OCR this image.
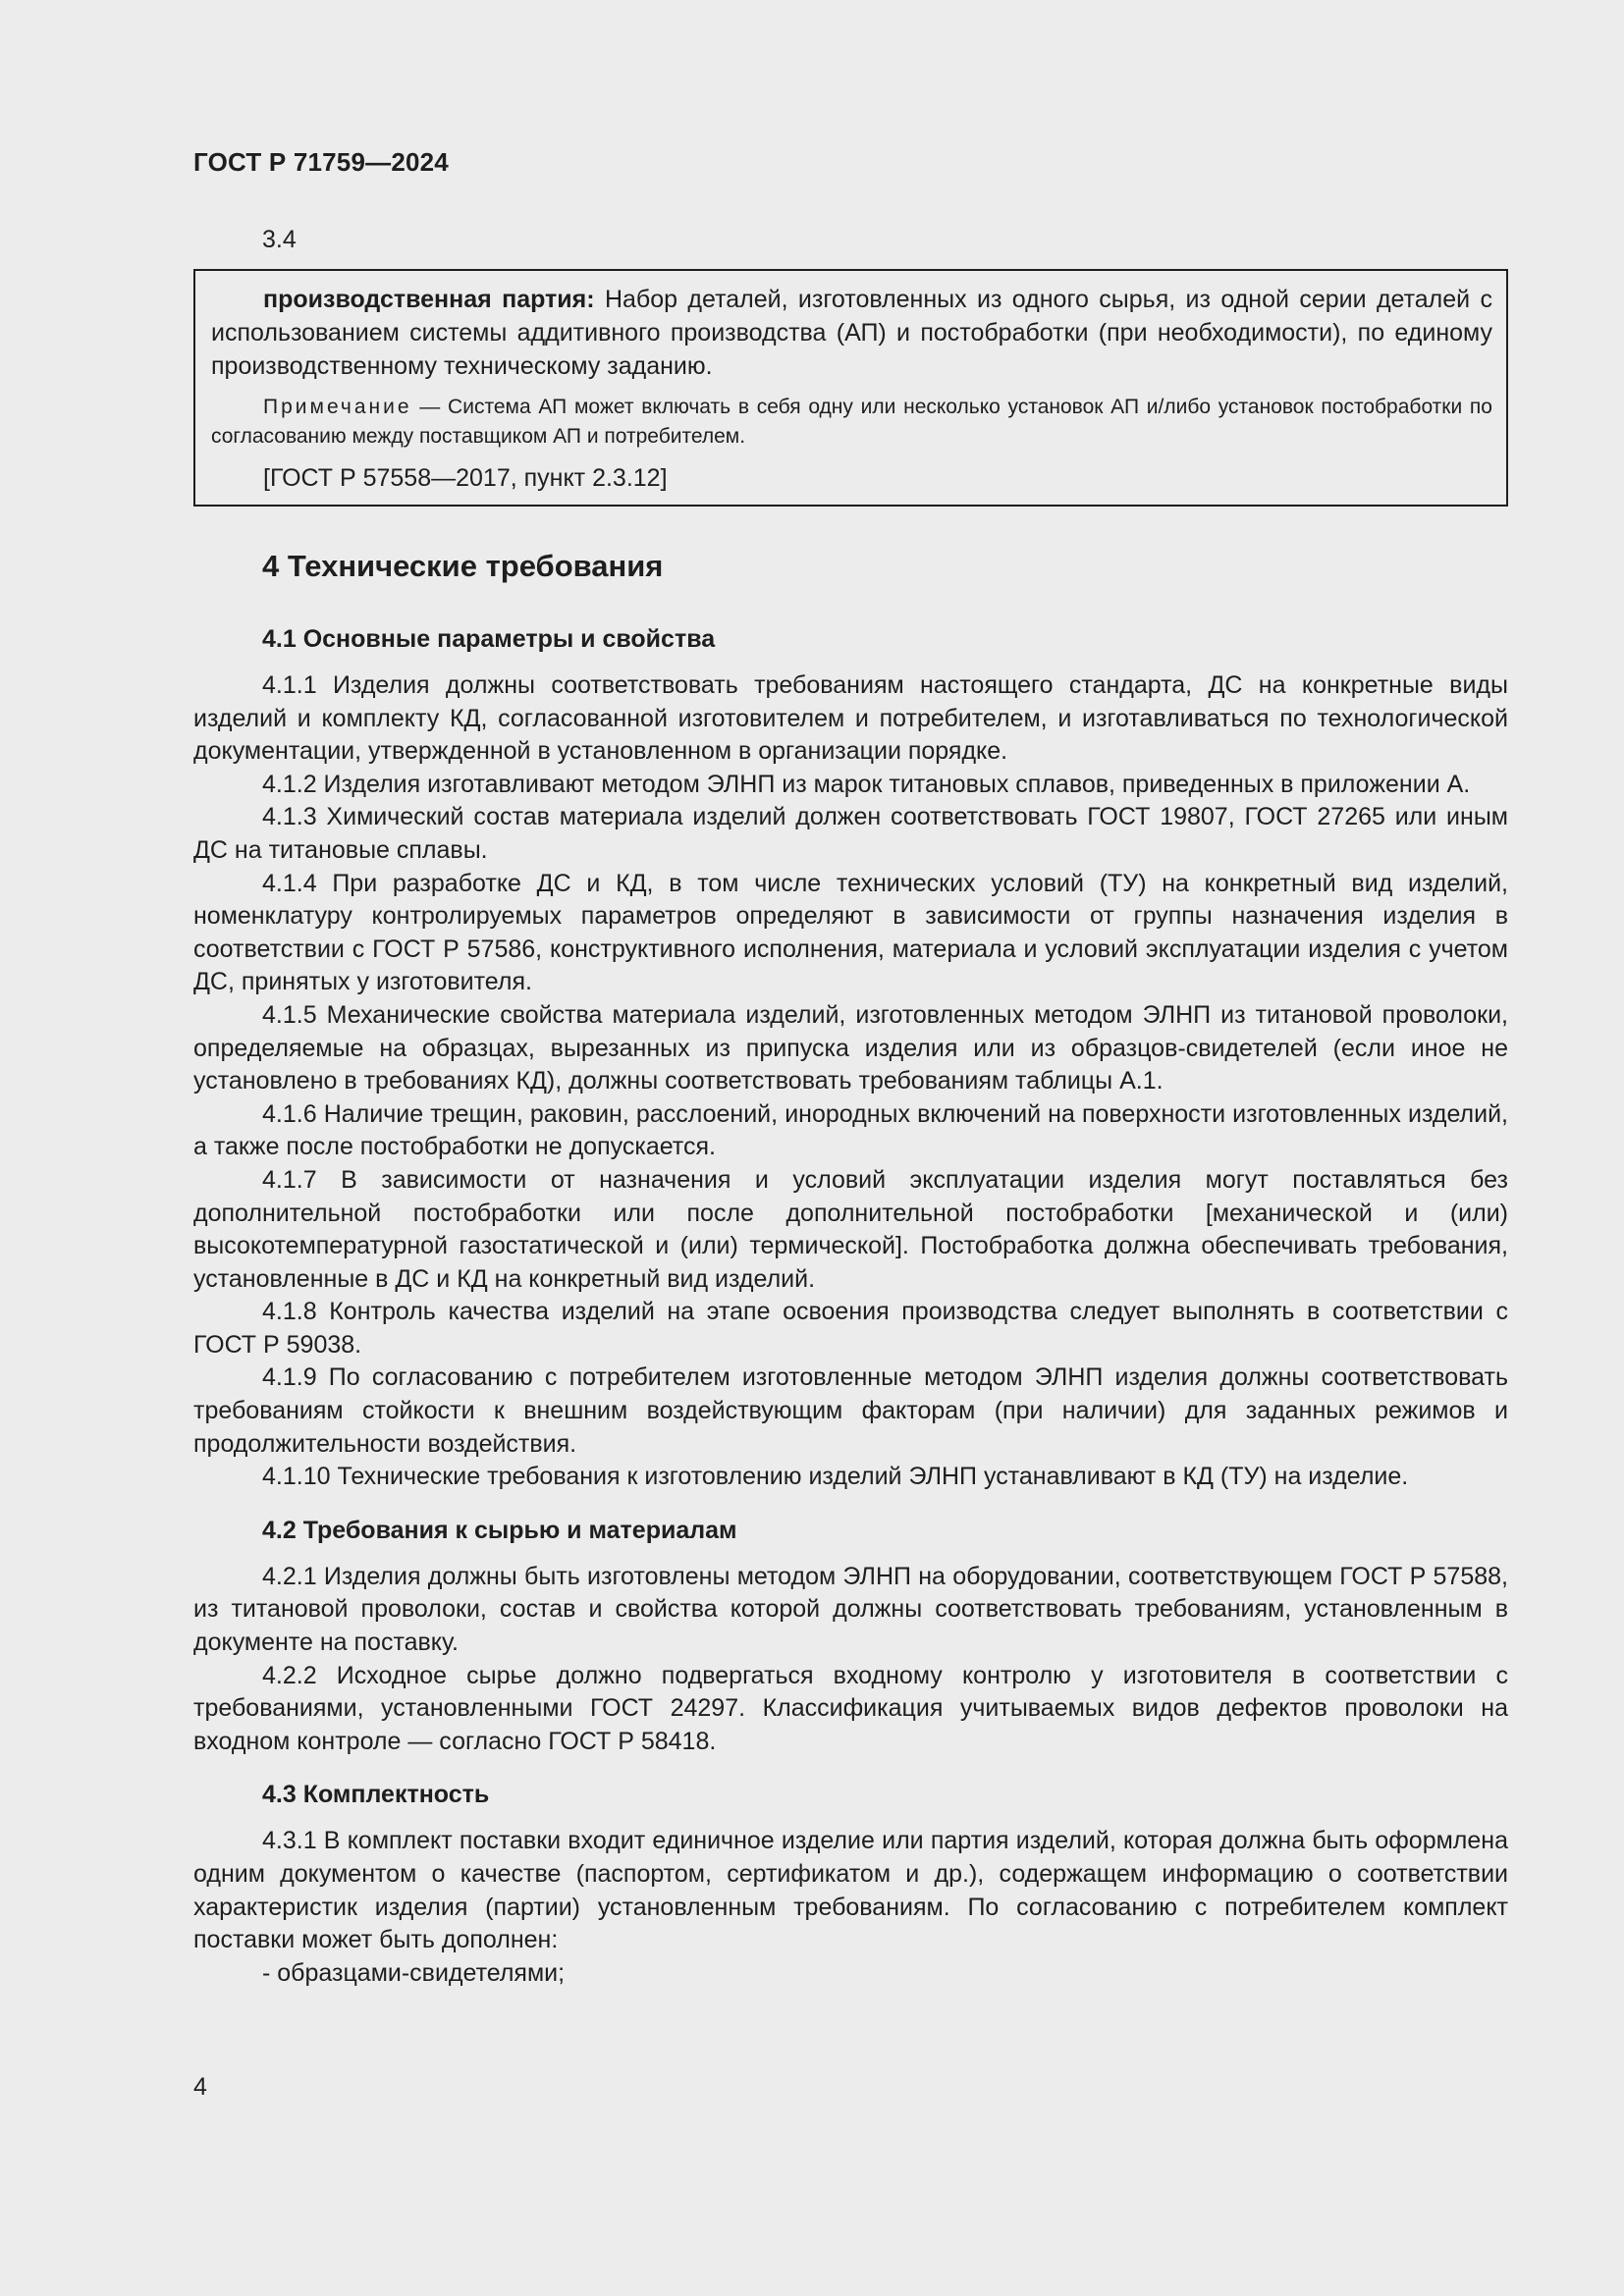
ГОСТ Р 71759—2024
3.4

производственная партия: Набор деталей, изготовленных из одного сырья, из одной серии деталей с использованием системы аддитивного производства (АП) и постобработки (при необходимости), по единому производственному техническому заданию.

Примечание — Система АП может включать в себя одну или несколько установок АП и/либо установок постобработки по согласованию между поставщиком АП и потребителем.

[ГОСТ Р 57558—2017, пункт 2.3.12]

4 Технические требования
4.1 Основные параметры и свойства

4.1.1 Изделия должны соответствовать требованиям настоящего стандарта, ДС на конкретные виды изделий и комплекту КД, согласованной изготовителем и потребителем, и изготавливаться по технологической документации, утвержденной в установленном в организации порядке.

4.1.2 Изделия изготавливают методом ЭЛНП из марок титановых сплавов, приведенных в приложении А.

4.1.3 Химический состав материала изделий должен соответствовать ГОСТ 19807, ГОСТ 27265 или иным ДС на титановые сплавы.

4.1.4 При разработке ДС и КД, в том числе технических условий (ТУ) на конкретный вид изделий, номенклатуру контролируемых параметров определяют в зависимости от группы назначения изделия в соответствии с ГОСТ Р 57586, конструктивного исполнения, материала и условий эксплуатации изделия с учетом ДС, принятых у изготовителя.

4.1.5 Механические свойства материала изделий, изготовленных методом ЭЛНП из титановой проволоки, определяемые на образцах, вырезанных из припуска изделия или из образцов-свидетелей (если иное не установлено в требованиях КД), должны соответствовать требованиям таблицы А.1.

4.1.6 Наличие трещин, раковин, расслоений, инородных включений на поверхности изготовленных изделий, а также после постобработки не допускается.

4.1.7 В зависимости от назначения и условий эксплуатации изделия могут поставляться без дополнительной постобработки или после дополнительной постобработки [механической и (или) высокотемпературной газостатической и (или) термической]. Постобработка должна обеспечивать требования, установленные в ДС и КД на конкретный вид изделий.

4.1.8 Контроль качества изделий на этапе освоения производства следует выполнять в соответствии с ГОСТ Р 59038.

4.1.9 По согласованию с потребителем изготовленные методом ЭЛНП изделия должны соответствовать требованиям стойкости к внешним воздействующим факторам (при наличии) для заданных режимов и продолжительности воздействия.

4.1.10 Технические требования к изготовлению изделий ЭЛНП устанавливают в КД (ТУ) на изделие.

4.2 Требования к сырью и материалам

4.2.1 Изделия должны быть изготовлены методом ЭЛНП на оборудовании, соответствующем ГОСТ Р 57588, из титановой проволоки, состав и свойства которой должны соответствовать требованиям, установленным в документе на поставку.

4.2.2 Исходное сырье должно подвергаться входному контролю у изготовителя в соответствии с требованиями, установленными ГОСТ 24297. Классификация учитываемых видов дефектов проволоки на входном контроле — согласно ГОСТ Р 58418.

4.3 Комплектность

4.3.1 В комплект поставки входит единичное изделие или партия изделий, которая должна быть оформлена одним документом о качестве (паспортом, сертификатом и др.), содержащем информацию о соответствии характеристик изделия (партии) установленным требованиям. По согласованию с потребителем комплект поставки может быть дополнен:

- образцами-свидетелями;

4
